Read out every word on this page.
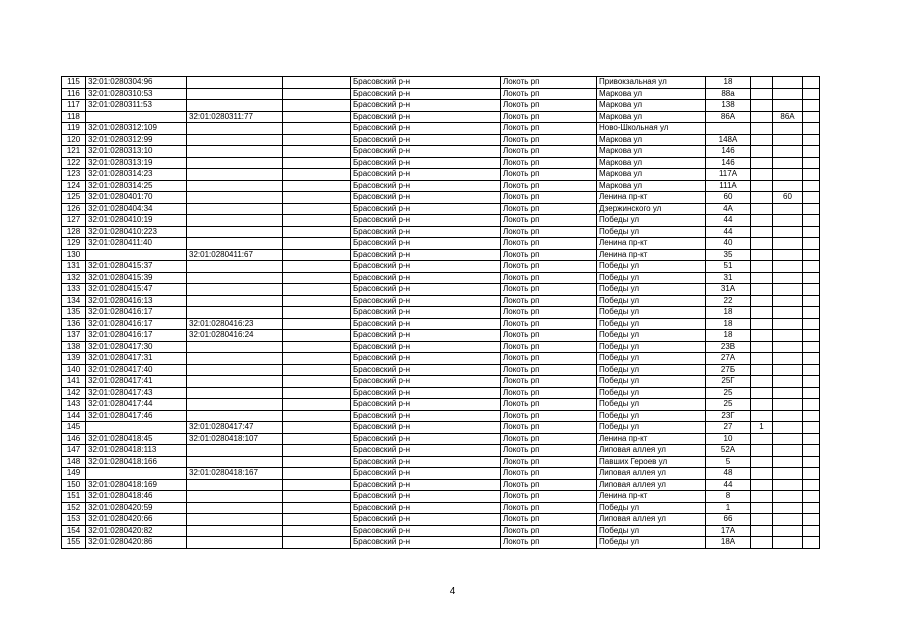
115	32:01:0280304:96			Брасовский р-н	Локоть рп	Привокзальная ул	18			
116	32:01:0280310:53			Брасовский р-н	Локоть рп	Маркова ул	88а			
117	32:01:0280311:53			Брасовский р-н	Локоть рп	Маркова ул	138			
118		32:01:0280311:77		Брасовский р-н	Локоть рп	Маркова ул	86А		86А	
119	32:01:0280312:109			Брасовский р-н	Локоть рп	Ново-Школьная ул				
120	32:01:0280312:99			Брасовский р-н	Локоть рп	Маркова ул	148А			
121	32:01:0280313:10			Брасовский р-н	Локоть рп	Маркова ул	146			
122	32:01:0280313:19			Брасовский р-н	Локоть рп	Маркова ул	146			
123	32:01:0280314:23			Брасовский р-н	Локоть рп	Маркова ул	117А			
124	32:01:0280314:25			Брасовский р-н	Локоть рп	Маркова ул	111А			
125	32:01:0280401:70			Брасовский р-н	Локоть рп	Ленина пр-кт	60		60	
126	32:01:0280404:34			Брасовский р-н	Локоть рп	Дзержинского ул	4А			
127	32:01:0280410:19			Брасовский р-н	Локоть рп	Победы ул	44			
128	32:01:0280410:223			Брасовский р-н	Локоть рп	Победы ул	44			
129	32:01:0280411:40			Брасовский р-н	Локоть рп	Ленина пр-кт	40			
130		32:01:0280411:67		Брасовский р-н	Локоть рп	Ленина пр-кт	35			
131	32:01:0280415:37			Брасовский р-н	Локоть рп	Победы ул	51			
132	32:01:0280415:39			Брасовский р-н	Локоть рп	Победы ул	31			
133	32:01:0280415:47			Брасовский р-н	Локоть рп	Победы ул	31А			
134	32:01:0280416:13			Брасовский р-н	Локоть рп	Победы ул	22			
135	32:01:0280416:17			Брасовский р-н	Локоть рп	Победы ул	18			
136	32:01:0280416:17	32:01:0280416:23		Брасовский р-н	Локоть рп	Победы ул	18			
137	32:01:0280416:17	32:01:0280416:24		Брасовский р-н	Локоть рп	Победы ул	18			
138	32:01:0280417:30			Брасовский р-н	Локоть рп	Победы ул	23В			
139	32:01:0280417:31			Брасовский р-н	Локоть рп	Победы ул	27А			
140	32:01:0280417:40			Брасовский р-н	Локоть рп	Победы ул	27Б			
141	32:01:0280417:41			Брасовский р-н	Локоть рп	Победы ул	25Г			
142	32:01:0280417:43			Брасовский р-н	Локоть рп	Победы ул	25			
143	32:01:0280417:44			Брасовский р-н	Локоть рп	Победы ул	25			
144	32:01:0280417:46			Брасовский р-н	Локоть рп	Победы ул	23Г			
145		32:01:0280417:47		Брасовский р-н	Локоть рп	Победы ул	27	1		
146	32:01:0280418:45	32:01:0280418:107		Брасовский р-н	Локоть рп	Ленина пр-кт	10			
147	32:01:0280418:113			Брасовский р-н	Локоть рп	Липовая аллея ул	52А			
148	32:01:0280418:166			Брасовский р-н	Локоть рп	Павших Героев ул	5			
149		32:01:0280418:167		Брасовский р-н	Локоть рп	Липовая аллея ул	48			
150	32:01:0280418:169			Брасовский р-н	Локоть рп	Липовая аллея ул	44			
151	32:01:0280418:46			Брасовский р-н	Локоть рп	Ленина пр-кт	8			
152	32:01:0280420:59			Брасовский р-н	Локоть рп	Победы ул	1			
153	32:01:0280420:66			Брасовский р-н	Локоть рп	Липовая аллея ул	66			
154	32:01:0280420:82			Брасовский р-н	Локоть рп	Победы ул	17А			
155	32:01:0280420:86			Брасовский р-н	Локоть рп	Победы ул	18А			
4
